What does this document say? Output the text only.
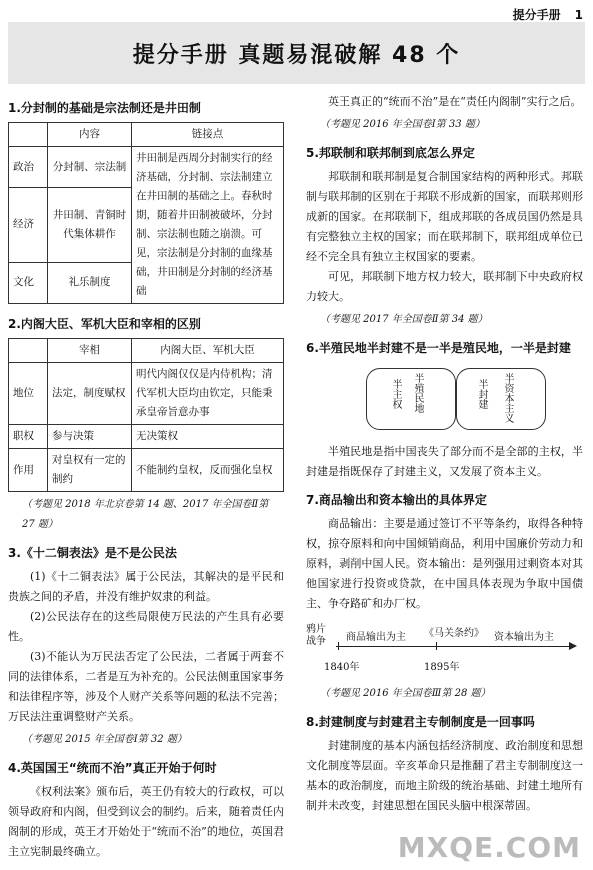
提分手册 1
提分手册 真题易混破解 48 个
1.分封制的基础是宗法制还是井田制
	内容	链接点
政治	分封制、宗法制	井田制是西周分封制实行的经济基础，分封制、宗法制建立在井田制的基础之上。春秋时期，随着井田制被破坏，分封制、宗法制也随之崩溃。可见，宗法制是分封制的血缘基础，井田制是分封制的经济基础
经济	井田制、青铜时代集体耕作	
文化	礼乐制度	
2.内阁大臣、军机大臣和宰相的区别
	宰相	内阁大臣、军机大臣
地位	法定，制度赋权	明代内阁仅仅是内侍机构；清代军机大臣均由钦定，只能秉承皇帝旨意办事
职权	参与决策	无决策权
作用	对皇权有一定的制约	不能制约皇权，反而强化皇权
（考题见 2018 年北京卷第 14 题、2017 年全国卷Ⅱ第 27 题）
3.《十二铜表法》是不是公民法

(1)《十二铜表法》属于公民法，其解决的是平民和贵族之间的矛盾，并没有维护奴隶的利益。

(2)公民法存在的这些局限使万民法的产生具有必要性。

(3)不能认为万民法否定了公民法，二者属于两套不同的法律体系，二者是互为补充的。公民法侧重国家事务和法律程序等，涉及个人财产关系等问题的私法不完善；万民法注重调整财产关系。

（考题见 2015 年全国卷Ⅰ第 32 题）
4.英国国王“统而不治”真正开始于何时

《权利法案》颁布后，英王仍有较大的行政权，可以领导政府和内阁，但受到议会的制约。后来，随着责任内阁制的形成，英王才开始处于“统而不治”的地位，英国君主立宪制最终确立。

英王真正的“统而不治”是在“责任内阁制”实行之后。

（考题见 2016 年全国卷Ⅰ第 33 题）
5.邦联制和联邦制到底怎么界定

邦联制和联邦制是复合制国家结构的两种形式。邦联制与联邦制的区别在于邦联不形成新的国家，而联邦则形成新的国家。在邦联制下，组成邦联的各成员国仍然是具有完整独立主权的国家；而在联邦制下，联邦组成单位已经不完全具有独立主权国家的要素。

可见，邦联制下地方权力较大，联邦制下中央政府权力较大。

（考题见 2017 年全国卷Ⅱ第 34 题）
6.半殖民地半封建不是一半是殖民地，一半是封建
半主权 半殖民地	半封建 半资本主义

半殖民地是指中国丧失了部分而不是全部的主权，半封建是指既保存了封建主义，又发展了资本主义。

7.商品输出和资本输出的具体界定

商品输出：主要是通过签订不平等条约，取得各种特权，掠夺原料和向中国倾销商品，利用中国廉价劳动力和原料，剥削中国人民。资本输出：是列强用过剩资本对其他国家进行投资或贷款，在中国具体表现为争取中国债主、争夺路矿和办厂权。

鸦片战争	商品输出为主 《马关条约》 资本输出为主
1840年	1895年
（考题见 2016 年全国卷Ⅲ第 28 题）
8.封建制度与封建君主专制制度是一回事吗

封建制度的基本内涵包括经济制度、政治制度和思想文化制度等层面。辛亥革命只是推翻了君主专制制度这一基本的政治制度，而地主阶级的统治基础、封建土地所有制并未改变，封建思想在国民头脑中根深蒂固。

MXQE.COM
